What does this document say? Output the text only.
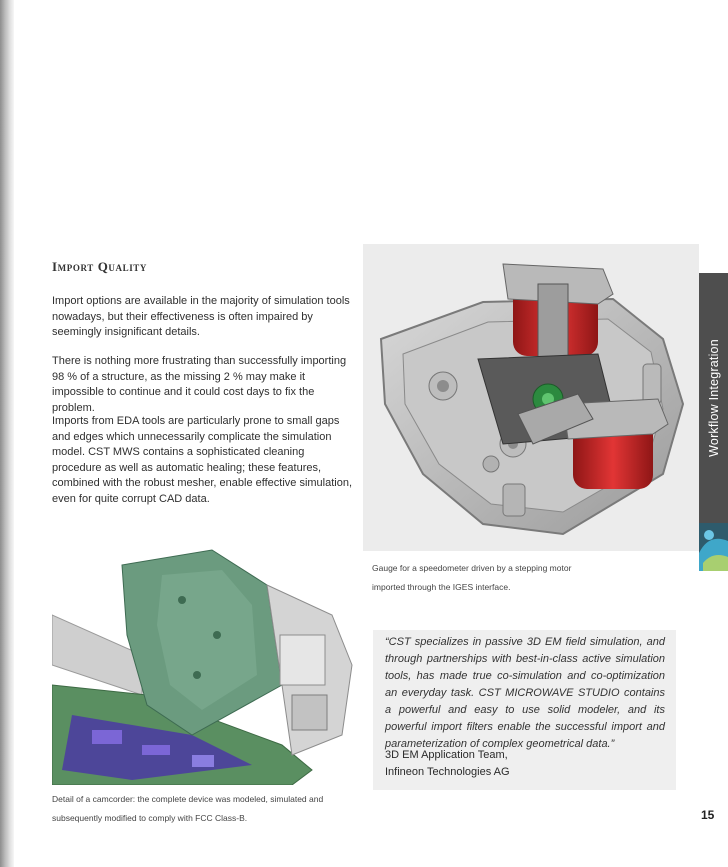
Import Quality

Import options are available in the majority of simulation tools nowadays, but their effectiveness is often impaired by seemingly insignificant details.

There is nothing more frustrating than successfully importing 98 % of a structure, as the missing 2 % may make it impossible to continue and it could cost days to fix the problem.

Imports from EDA tools are particularly prone to small gaps and edges which unnecessarily complicate the simulation model. CST MWS contains a sophisticated cleaning procedure as well as automatic healing; these features, combined with the robust mesher, enable effective simulation, even for quite corrupt CAD data.

Workflow Integration

Gauge for a speedometer driven by a stepping motor imported through the IGES interface.

Detail of a camcorder: the complete device was modeled, simulated and subsequently modified to comply with FCC Class-B.

“CST specializes in passive 3D EM field simulation, and through partnerships with best-in-class active simulation tools, has made true co-simulation and co-optimization an everyday task. CST MICROWAVE STUDIO contains a powerful and easy to use solid modeler, and its powerful import filters enable the successful import and parameterization of complex geometrical data.”

3D EM Application Team,
Infineon Technologies AG

15
